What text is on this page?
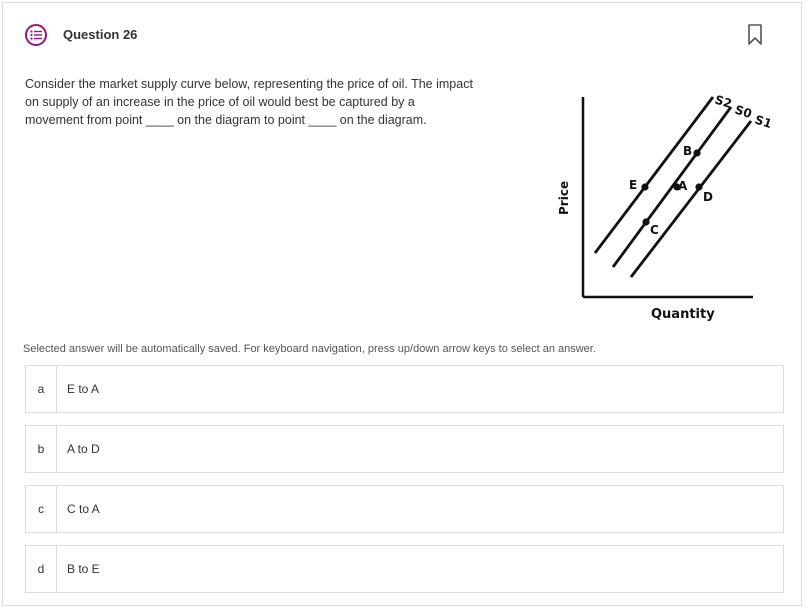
Question 26
Consider the market supply curve below, representing the price of oil. The impact on supply of an increase in the price of oil would best be captured by a movement from point ____ on the diagram to point ____ on the diagram.
S2
S0
S1
E
B
A
D
C
Price
Quantity
Selected answer will be automatically saved. For keyboard navigation, press up/down arrow keys to select an answer.
a	E to A
b	A to D
c	C to A
d	B to E
